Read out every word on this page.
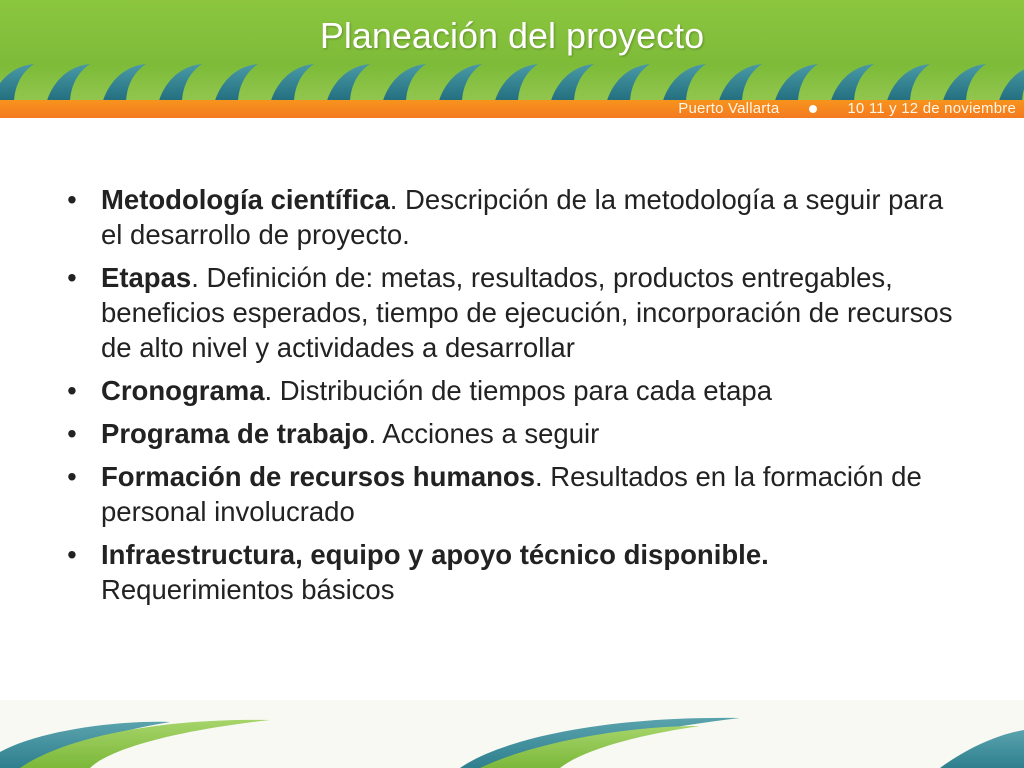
Planeación del proyecto
Puerto Vallarta	10 11 y 12 de noviembre
• Metodología científica. Descripción de la metodología a seguir para el desarrollo de proyecto.
• Etapas. Definición de: metas, resultados, productos entregables, beneficios esperados, tiempo de ejecución, incorporación de recursos de alto nivel y actividades a desarrollar
• Cronograma. Distribución de tiempos para cada etapa
• Programa de trabajo. Acciones a seguir
• Formación de recursos humanos. Resultados en la formación de personal involucrado
• Infraestructura, equipo y apoyo técnico disponible. Requerimientos básicos
